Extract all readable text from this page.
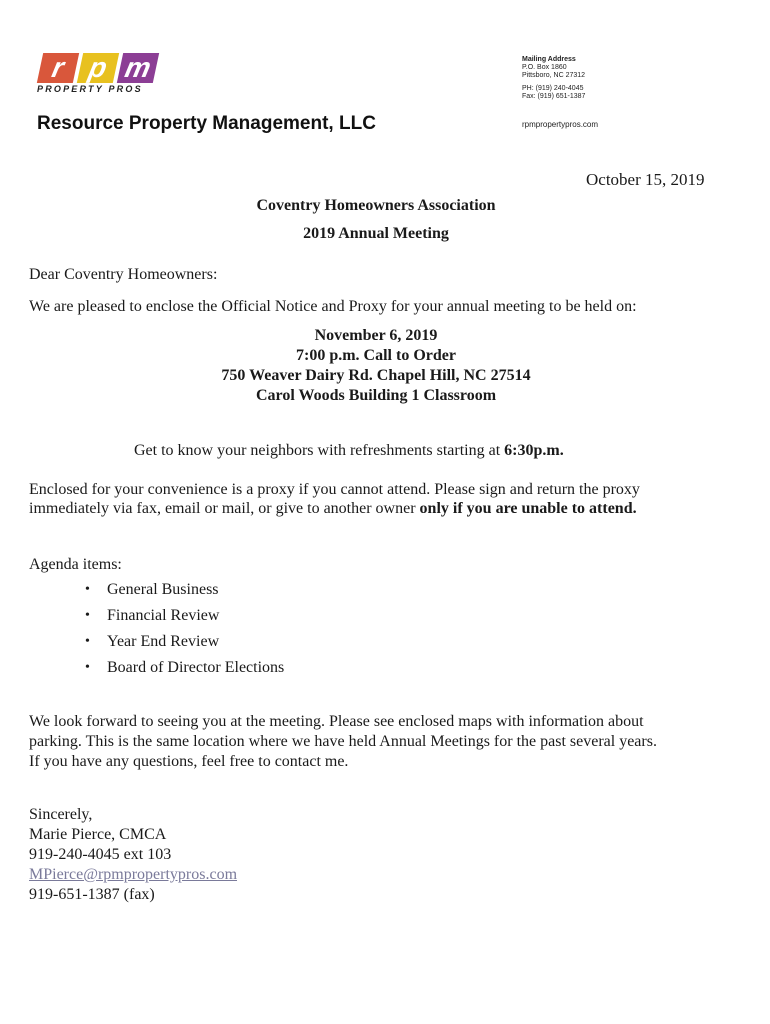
r p m
PROPERTY PROS
Resource Property Management, LLC
Mailing Address
P.O. Box 1860
Pittsboro, NC 27312
PH: (919) 240-4045
Fax: (919) 651-1387
rpmpropertypros.com
October 15, 2019
Coventry Homeowners Association
2019 Annual Meeting
Dear Coventry Homeowners:
We are pleased to enclose the Official Notice and Proxy for your annual meeting to be held on:
November 6, 2019
7:00 p.m. Call to Order
750 Weaver Dairy Rd. Chapel Hill, NC 27514
Carol Woods Building 1 Classroom
Get to know your neighbors with refreshments starting at 6:30p.m.
Enclosed for your convenience is a proxy if you cannot attend. Please sign and return the proxy
immediately via fax, email or mail, or give to another owner only if you are unable to attend.
Agenda items:
• General Business
• Financial Review
• Year End Review
• Board of Director Elections
We look forward to seeing you at the meeting. Please see enclosed maps with information about
parking. This is the same location where we have held Annual Meetings for the past several years.
If you have any questions, feel free to contact me.
Sincerely,
Marie Pierce, CMCA
919-240-4045 ext 103
MPierce@rpmpropertypros.com
919-651-1387 (fax)
